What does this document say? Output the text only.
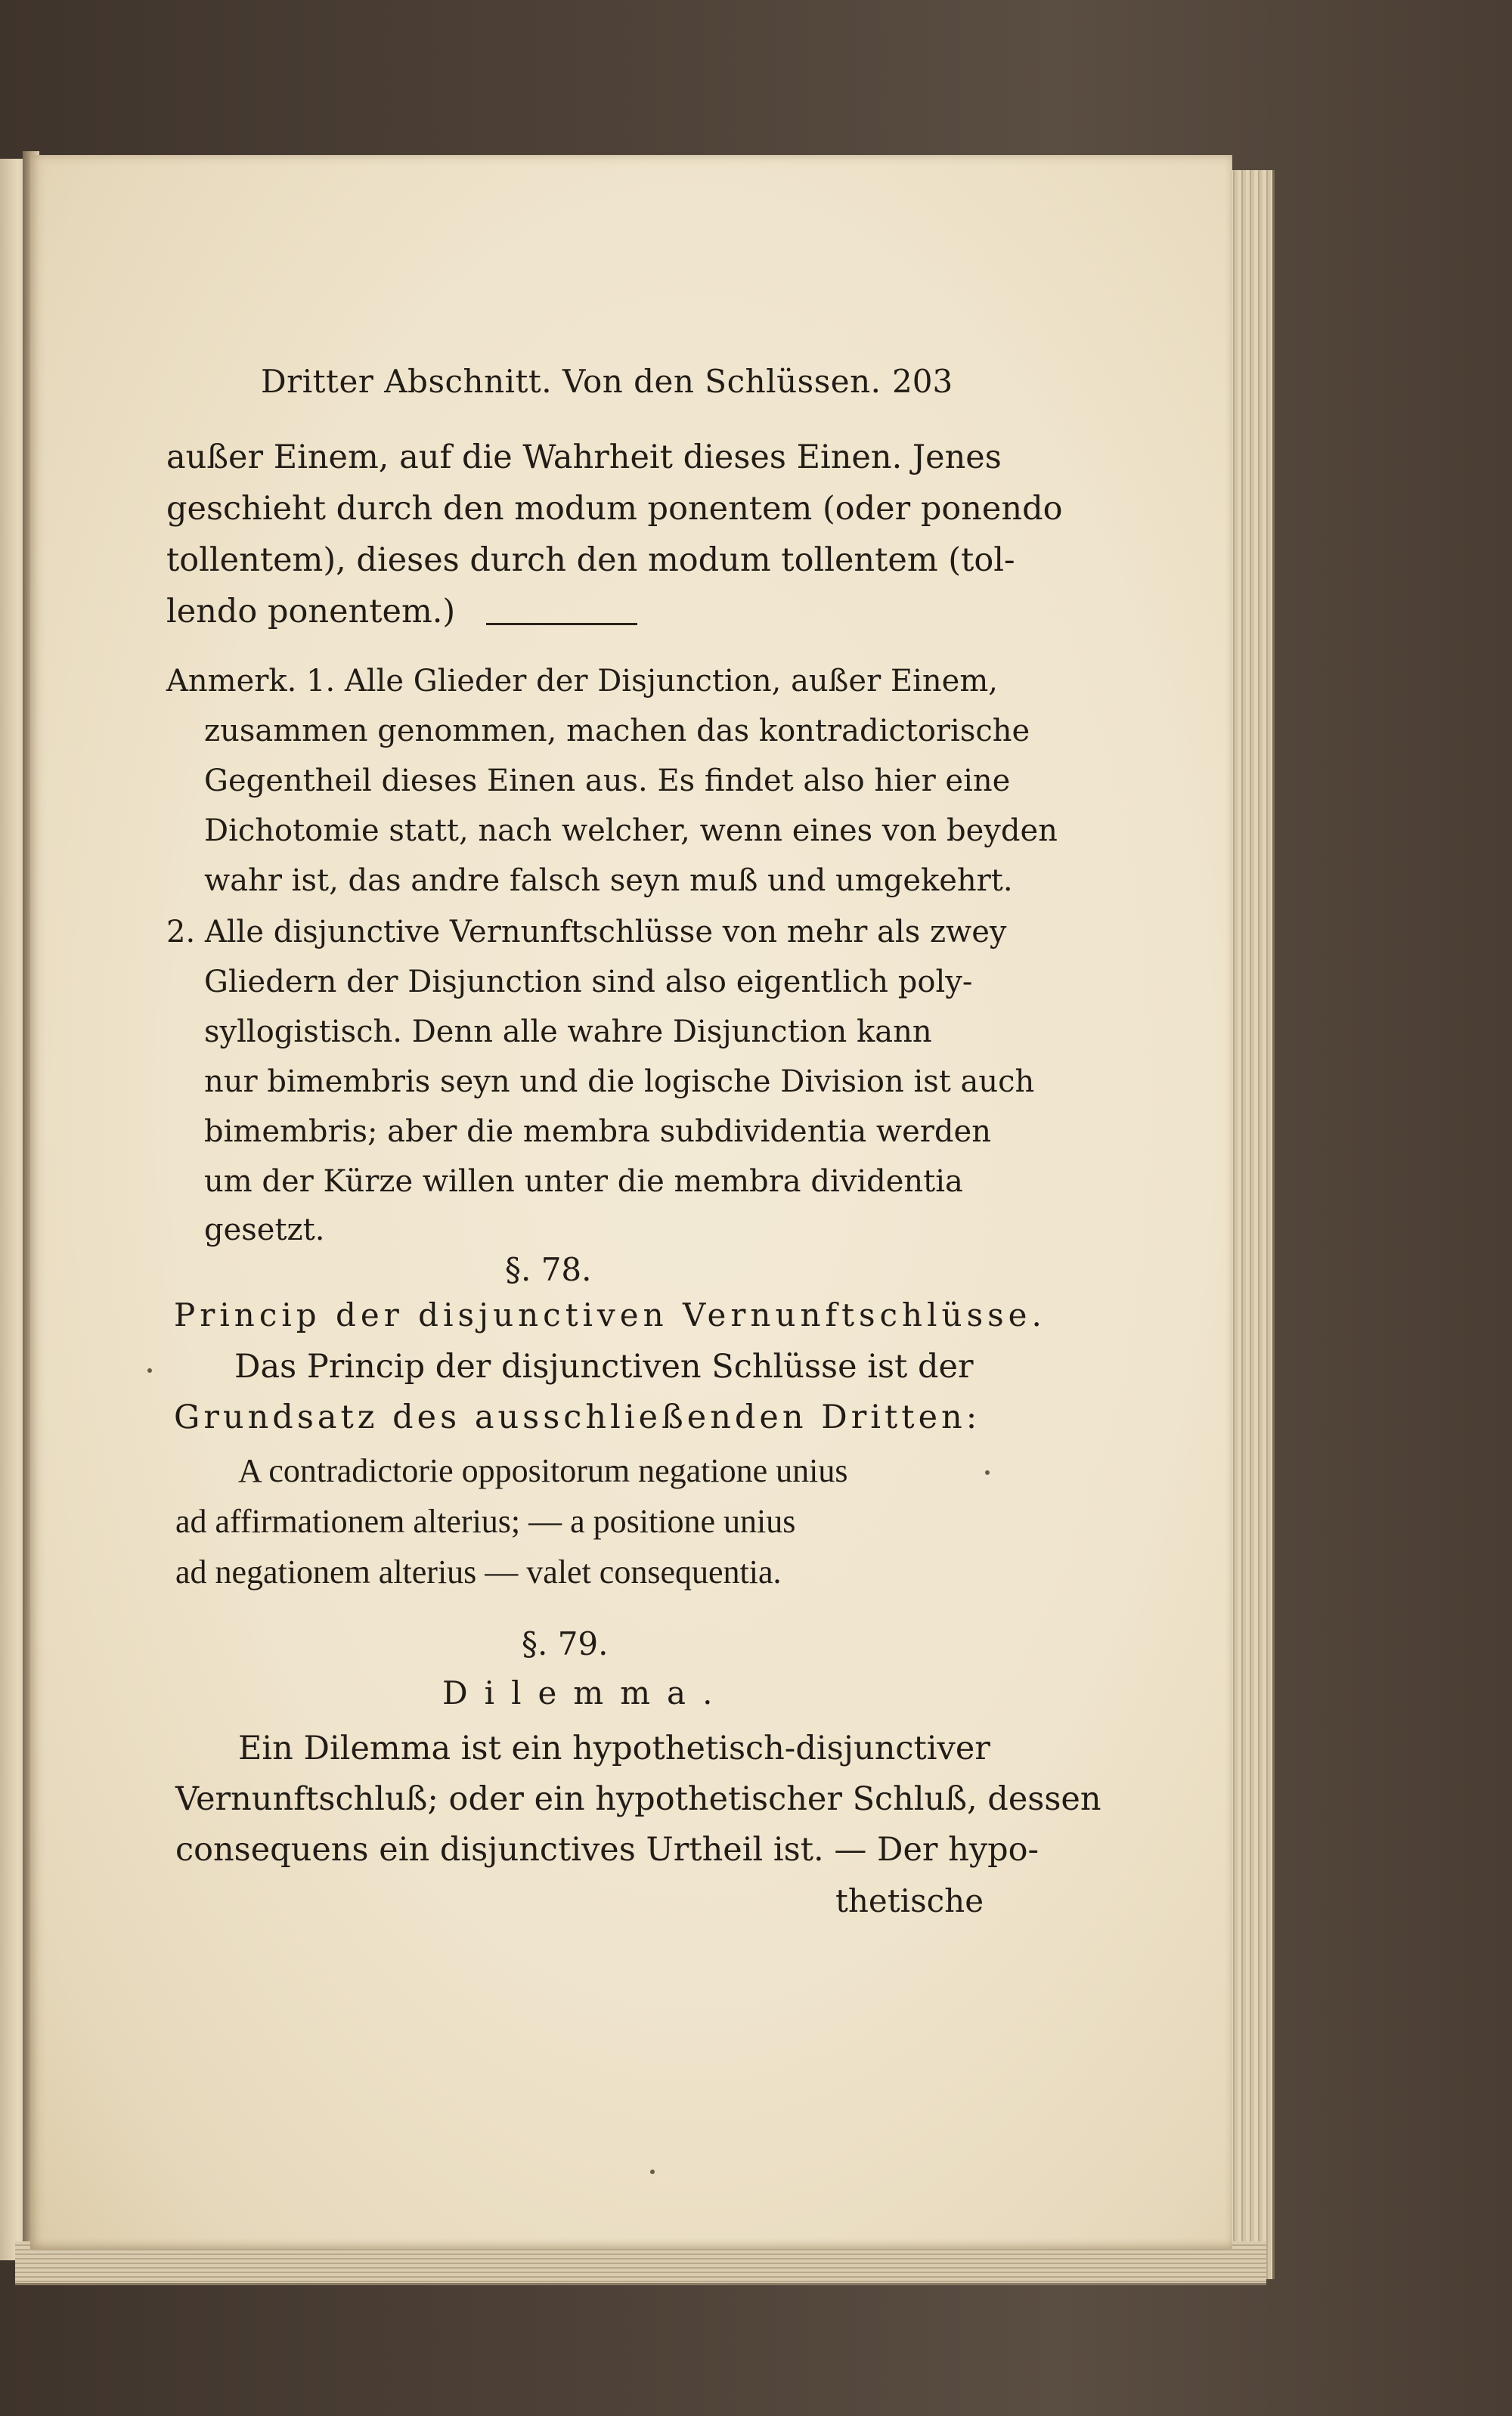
Dritter Abschnitt. Von den Schlüssen. 203
außer Einem, auf die Wahrheit dieses Einen. Jenes
geschieht durch den modum ponentem (oder ponendo
tollentem), dieses durch den modum tollentem (tol-
lendo ponentem.)
Anmerk. 1. Alle Glieder der Disjunction, außer Einem,
zusammen genommen, machen das kontradictorische
Gegentheil dieses Einen aus. Es findet also hier eine
Dichotomie statt, nach welcher, wenn eines von beyden
wahr ist, das andre falsch seyn muß und umgekehrt.
2. Alle disjunctive Vernunftschlüsse von mehr als zwey
Gliedern der Disjunction sind also eigentlich poly-
syllogistisch. Denn alle wahre Disjunction kann
nur bimembris seyn und die logische Division ist auch
bimembris; aber die membra subdividentia werden
um der Kürze willen unter die membra dividentia
gesetzt.
§. 78.
Princip der disjunctiven Vernunftschlüsse.
Das Princip der disjunctiven Schlüsse ist der
Grundsatz des ausschließenden Dritten:
A contradictorie oppositorum negatione unius
ad affirmationem alterius; — a positione unius
ad negationem alterius — valet consequentia.
§. 79.
Dilemma.
Ein Dilemma ist ein hypothetisch-disjunctiver
Vernunftschluß; oder ein hypothetischer Schluß, dessen
consequens ein disjunctives Urtheil ist. — Der hypo-
thetische
